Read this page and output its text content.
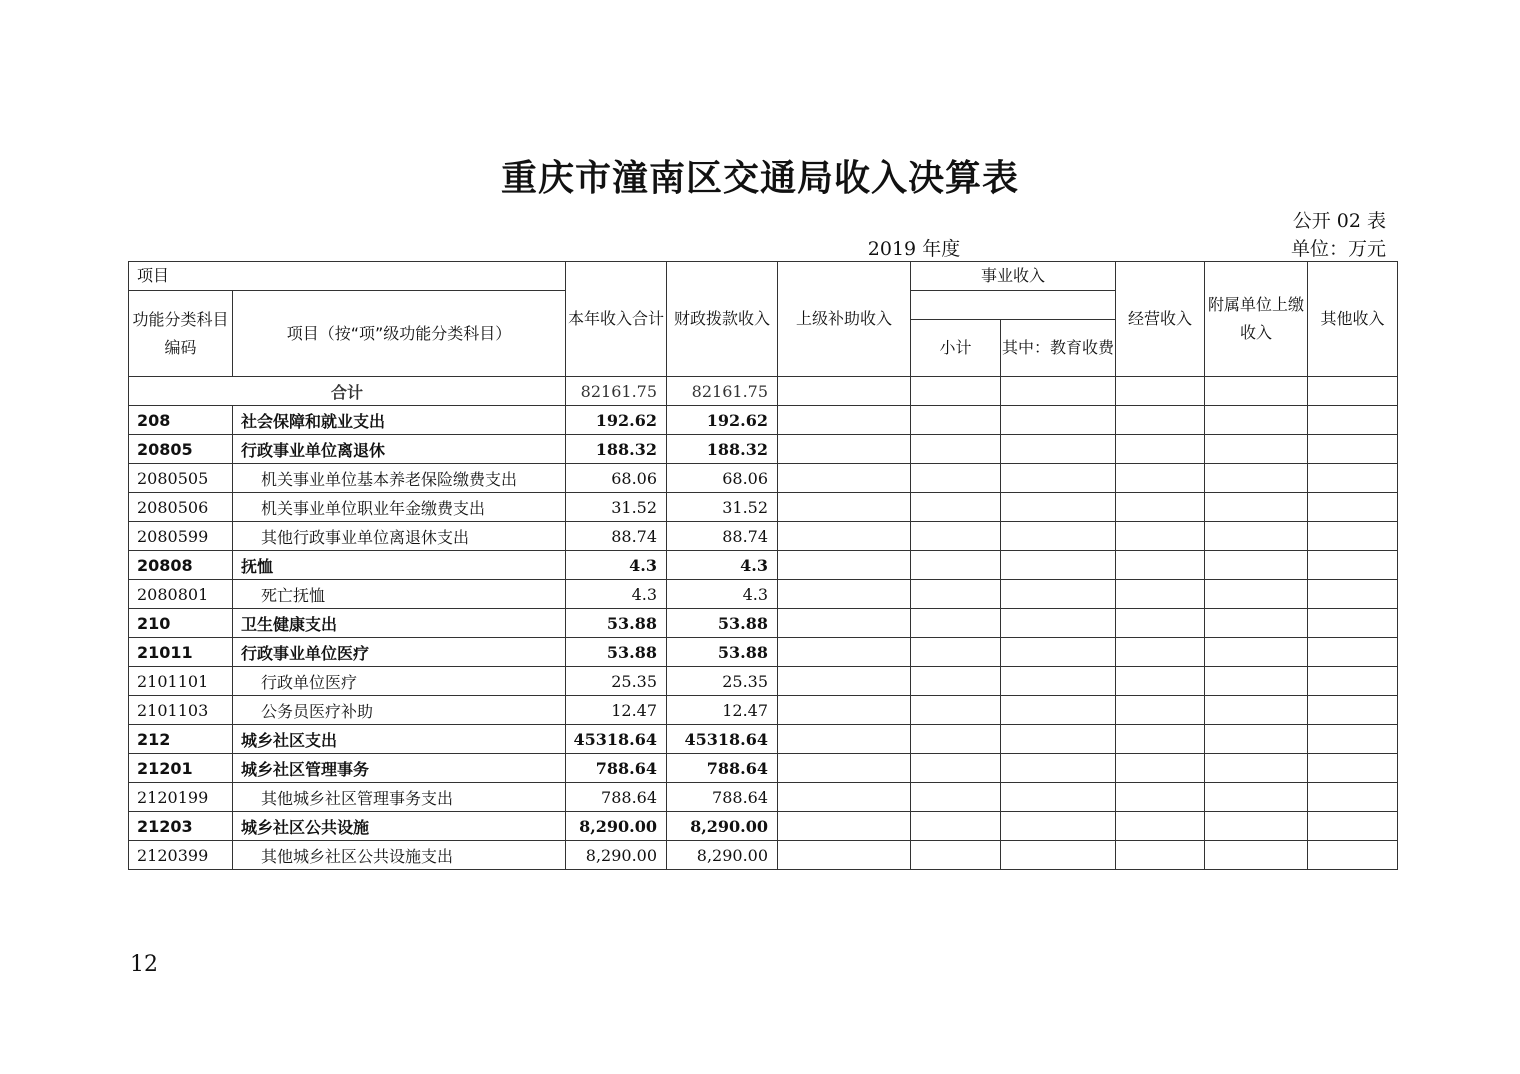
重庆市潼南区交通局收入决算表
公开 02 表
2019 年度	单位：万元
项目		本年收入合计	财政拨款收入	上级补助收入	事业收入		经营收入	附属单位上缴收入	其他收入
功能分类科目编码	项目（按“项”级功能分类科目）								
					小计	其中：教育收费			
合计		82161.75	82161.75						
208	社会保障和就业支出	192.62	192.62						
20805	行政事业单位离退休	188.32	188.32						
2080505	机关事业单位基本养老保险缴费支出	68.06	68.06						
2080506	机关事业单位职业年金缴费支出	31.52	31.52						
2080599	其他行政事业单位离退休支出	88.74	88.74						
20808	抚恤	4.3	4.3						
2080801	死亡抚恤	4.3	4.3						
210	卫生健康支出	53.88	53.88						
21011	行政事业单位医疗	53.88	53.88						
2101101	行政单位医疗	25.35	25.35						
2101103	公务员医疗补助	12.47	12.47						
212	城乡社区支出	45318.64	45318.64						
21201	城乡社区管理事务	788.64	788.64						
2120199	其他城乡社区管理事务支出	788.64	788.64						
21203	城乡社区公共设施	8,290.00	8,290.00						
2120399	其他城乡社区公共设施支出	8,290.00	8,290.00						
12
